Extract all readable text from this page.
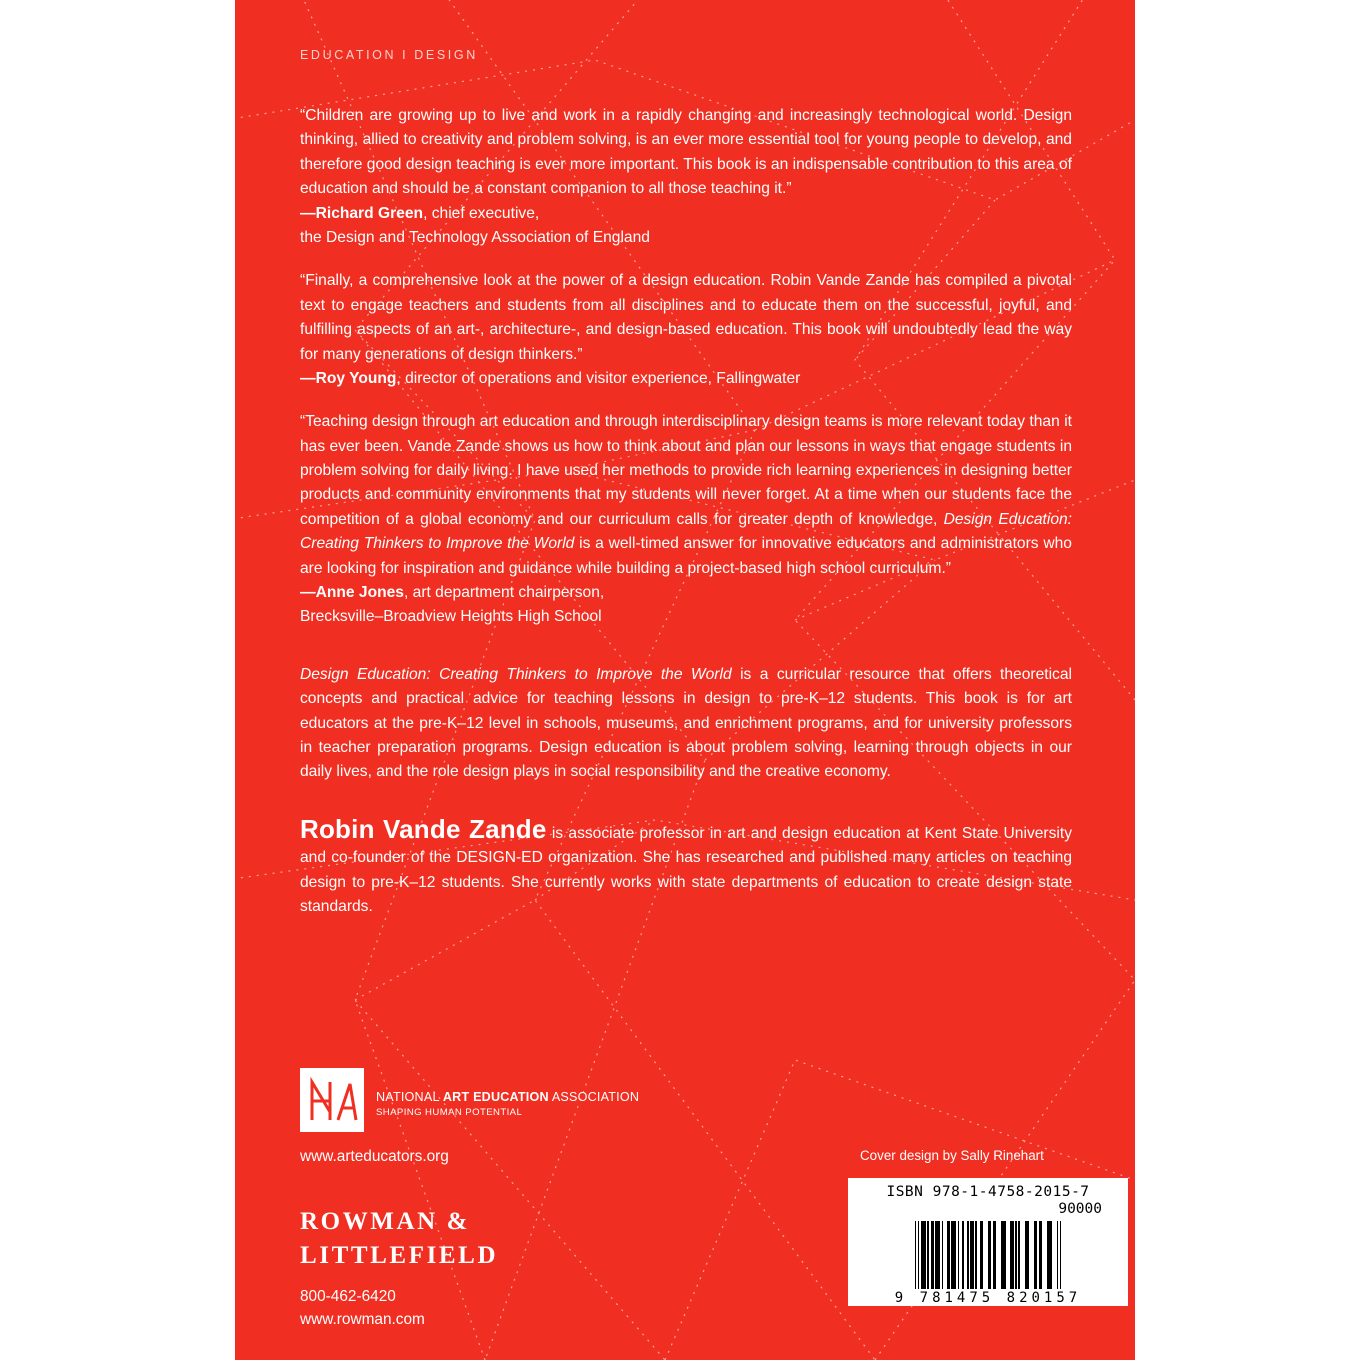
EDUCATION I DESIGN

“Children are growing up to live and work in a rapidly changing and increasingly technological world. Design thinking, allied to creativity and problem solving, is an ever more essential tool for young people to develop, and therefore good design teaching is ever more important. This book is an indispensable contribution to this area of education and should be a constant companion to all those teaching it.”

—Richard Green, chief executive,
the Design and Technology Association of England

“Finally, a comprehensive look at the power of a design education. Robin Vande Zande has compiled a pivotal text to engage teachers and students from all disciplines and to educate them on the successful, joyful, and fulfilling aspects of an art-, architecture-, and design-based education. This book will undoubtedly lead the way for many generations of design thinkers.”

—Roy Young, director of operations and visitor experience, Fallingwater

“Teaching design through art education and through interdisciplinary design teams is more relevant today than it has ever been. Vande Zande shows us how to think about and plan our lessons in ways that engage students in problem solving for daily living. I have used her methods to provide rich learning experiences in designing better products and community environments that my students will never forget. At a time when our students face the competition of a global economy and our curriculum calls for greater depth of knowledge, Design Education: Creating Thinkers to Improve the World is a well-timed answer for innovative educators and administrators who are looking for inspiration and guidance while building a project-based high school curriculum.”

—Anne Jones, art department chairperson,
Brecksville–Broadview Heights High School

Design Education: Creating Thinkers to Improve the World is a curricular resource that offers theoretical concepts and practical advice for teaching lessons in design to pre-K–12 students. This book is for art educators at the pre-K–12 level in schools, museums, and enrichment programs, and for university professors in teacher preparation programs. Design education is about problem solving, learning through objects in our daily lives, and the role design plays in social responsibility and the creative economy.

Robin Vande Zande is associate professor in art and design education at Kent State University and co-founder of the DESIGN-ED organization. She has researched and published many articles on teaching design to pre-K–12 students. She currently works with state departments of education to create design state standards.

NATIONAL ART EDUCATION ASSOCIATION
SHAPING HUMAN POTENTIAL
www.arteducators.org
ROWMAN &
LITTLEFIELD
800-462-6420
www.rowman.com
Cover design by Sally Rinehart
ISBN 978-1-4758-2015-7
90000
9 781475 820157
